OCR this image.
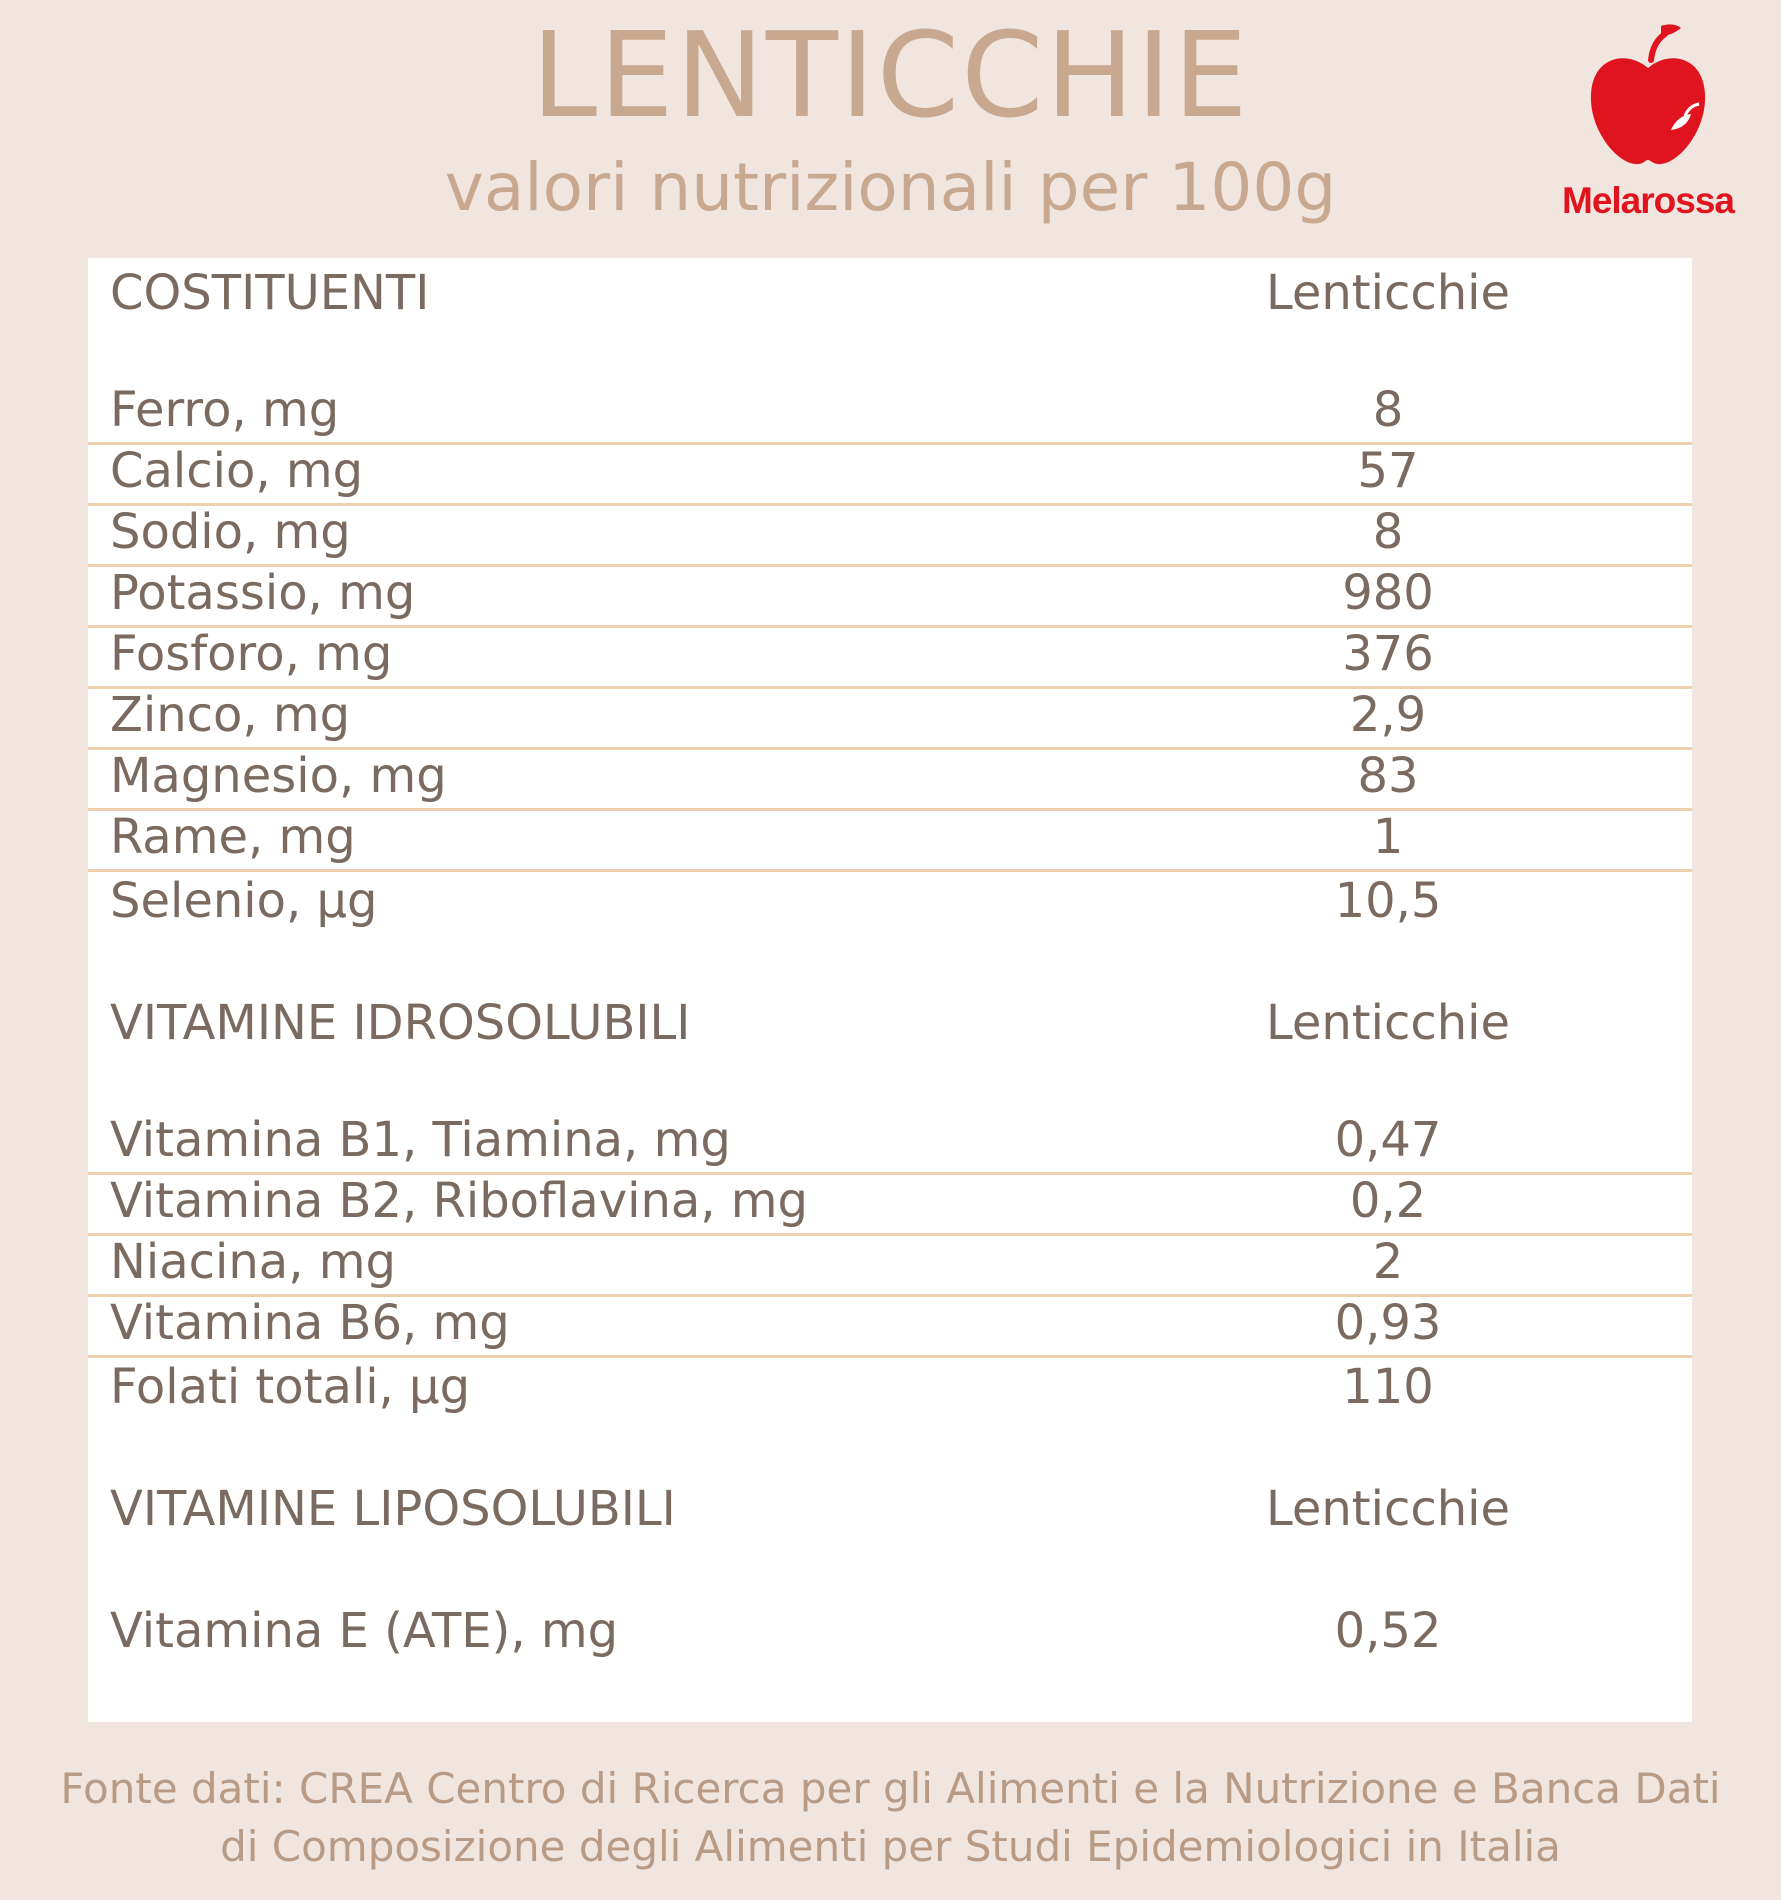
LENTICCHIE
valori nutrizionali per 100g	Melarossa
COSTITUENTI	Lenticchie
Ferro, mg	8
Calcio, mg	57
Sodio, mg	8
Potassio, mg	980
Fosforo, mg	376
Zinco, mg	2,9
Magnesio, mg	83
Rame, mg	1
Selenio, µg	10,5
VITAMINE IDROSOLUBILI	Lenticchie
Vitamina B1, Tiamina, mg	0,47
Vitamina B2, Riboflavina, mg	0,2
Niacina, mg	2
Vitamina B6, mg	0,93
Folati totali, µg	110
VITAMINE LIPOSOLUBILI	Lenticchie
Vitamina E (ATE), mg	0,52
Fonte dati: CREA Centro di Ricerca per gli Alimenti e la Nutrizione e Banca Dati
di Composizione degli Alimenti per Studi Epidemiologici in Italia
